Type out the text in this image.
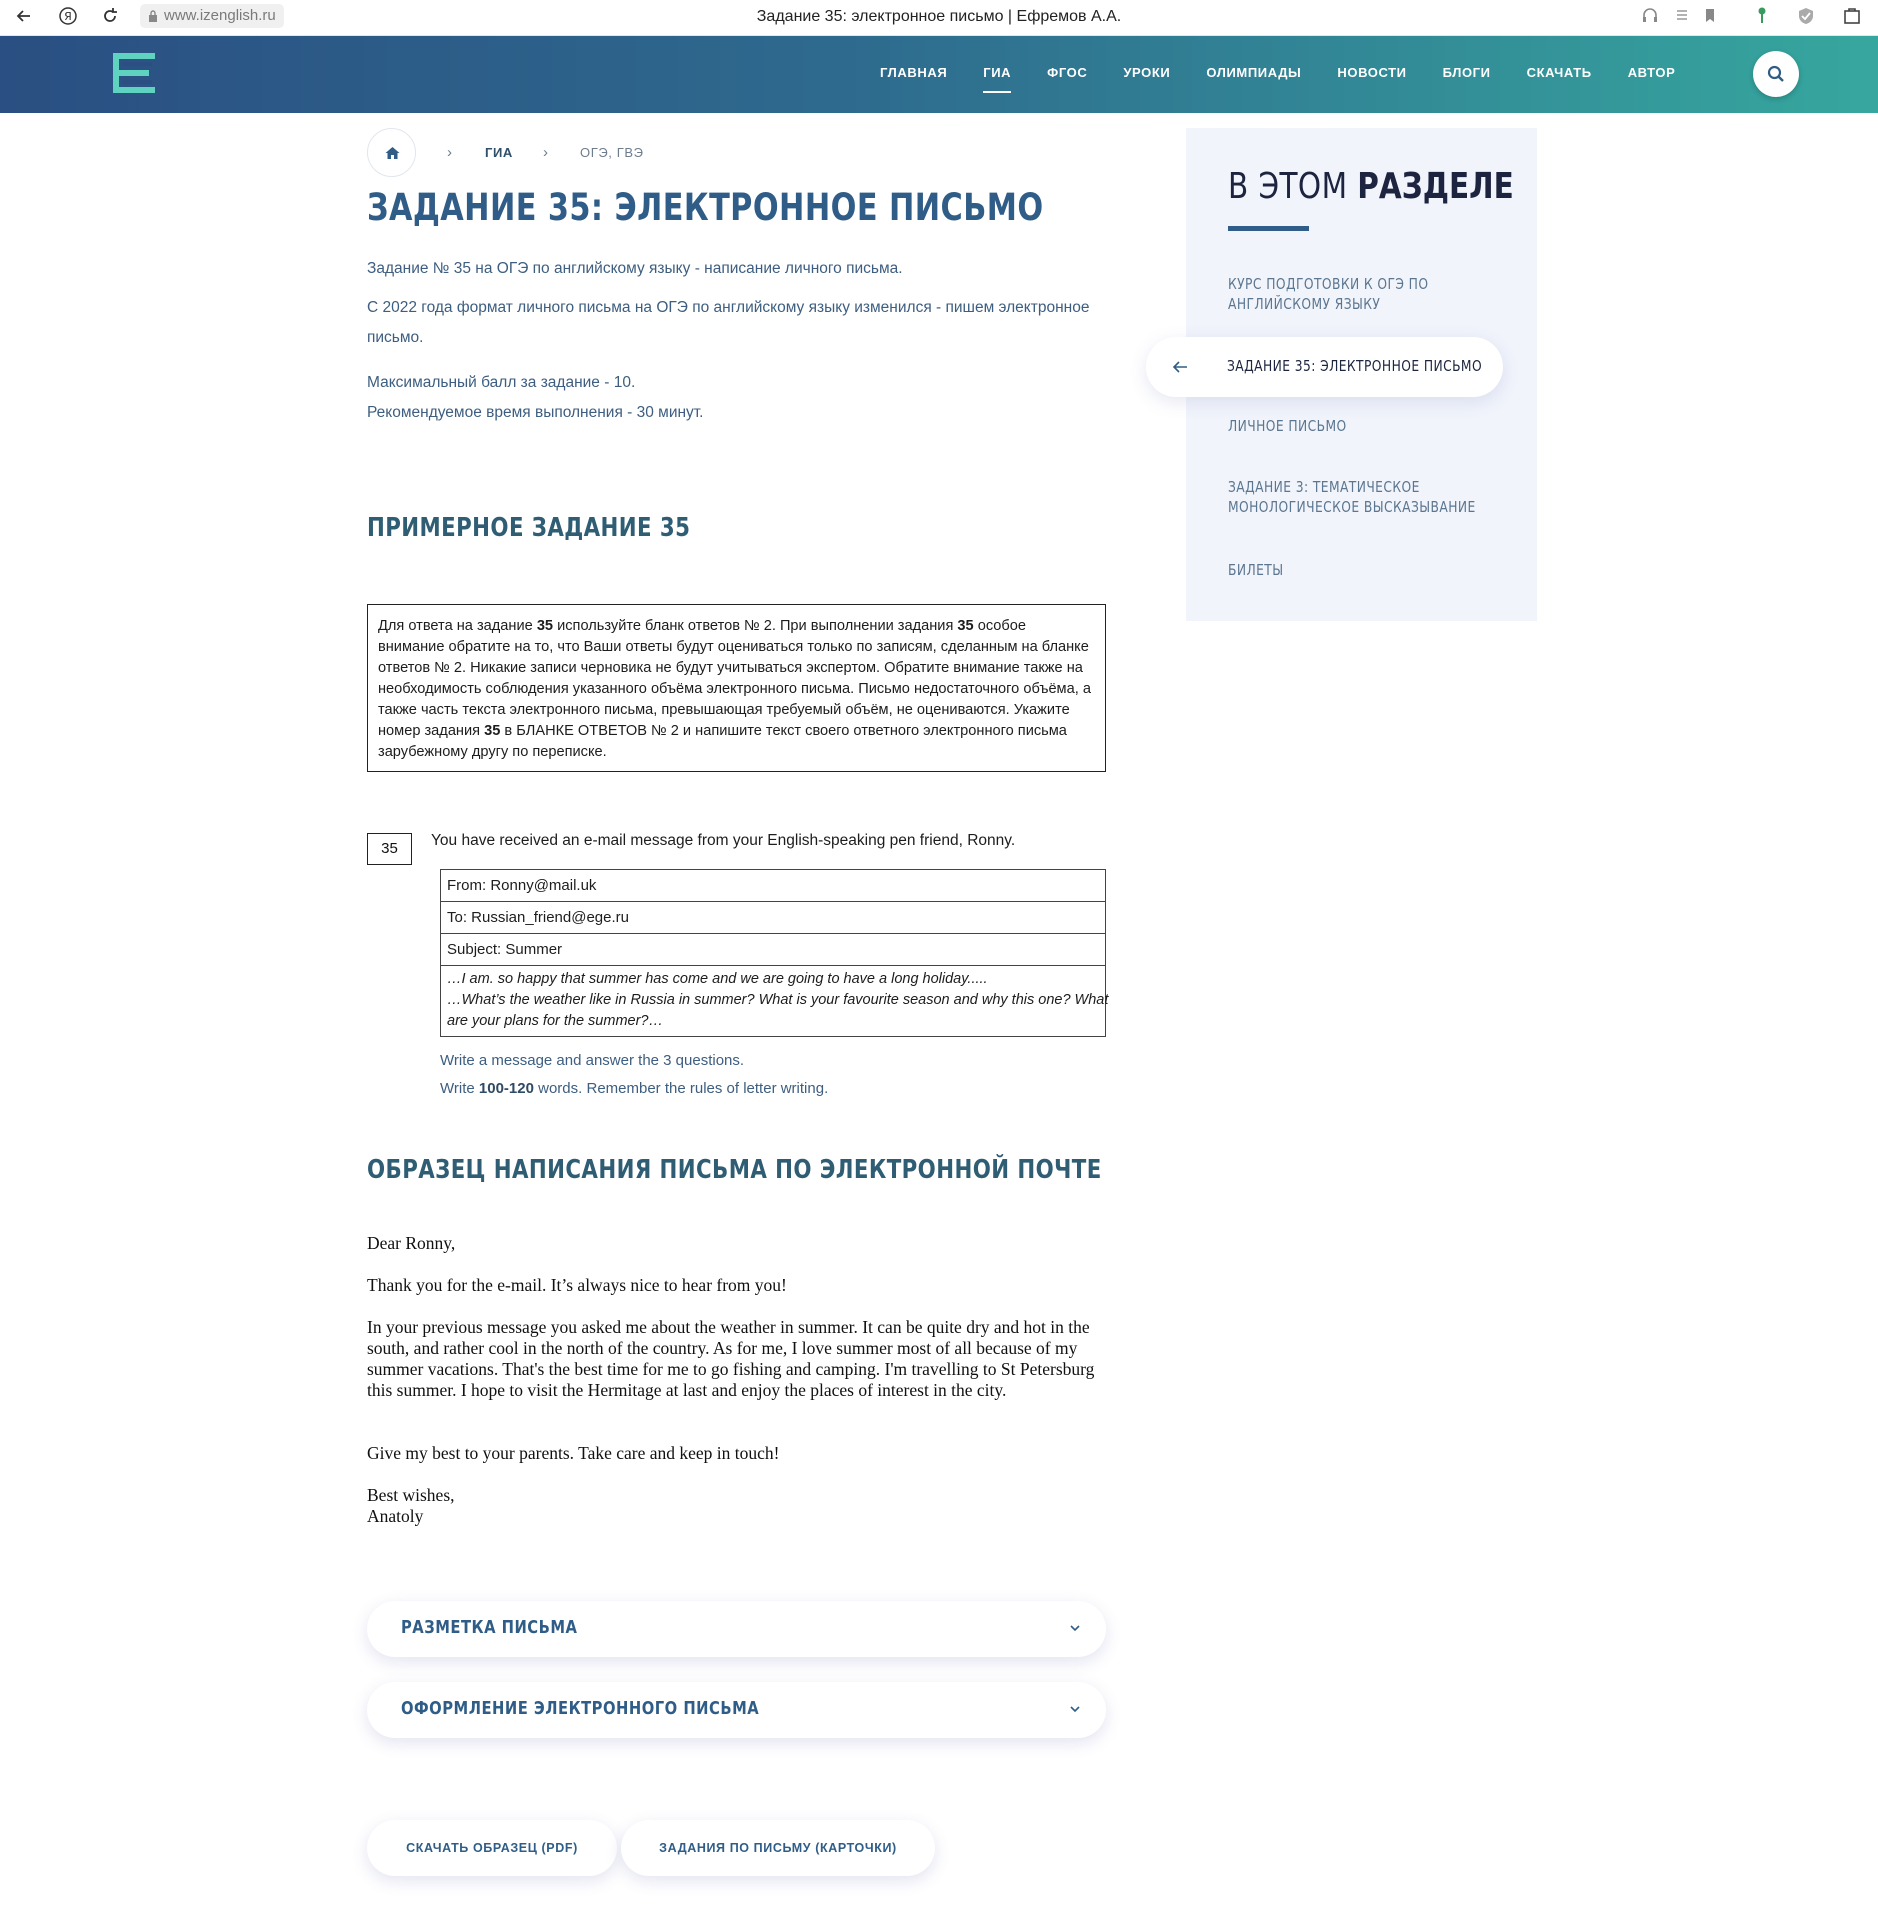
Задание 35: электронное письмо | Ефремов А.А.
Я	www.izenglish.ru
ГЛАВНАЯ	ГИА	ФГОС	УРОКИ	ОЛИМПИАДЫ	НОВОСТИ	БЛОГИ	СКАЧАТЬ	АВТОР
›	ГИА › ОГЭ, ГВЭ
ЗАДАНИЕ 35: ЭЛЕКТРОННОЕ ПИСЬМО

Задание № 35 на ОГЭ по английскому языку - написание личного письма.

С 2022 года формат личного письма на ОГЭ по английскому языку изменился - пишем электронное письмо.

Максимальный балл за задание - 10.

Рекомендуемое время выполнения - 30 минут.

ПРИМЕРНОЕ ЗАДАНИЕ 35
Для ответа на задание 35 используйте бланк ответов № 2. При выполнении задания 35 особое внимание обратите на то, что Ваши ответы будут оцениваться только по записям, сделанным на бланке ответов № 2. Никакие записи черновика не будут учитываться экспертом. Обратите внимание также на необходимость соблюдения указанного объёма электронного письма. Письмо недостаточного объёма, а также часть текста электронного письма, превышающая требуемый объём, не оцениваются. Укажите номер задания 35 в БЛАНКЕ ОТВЕТОВ № 2 и напишите текст своего ответного электронного письма зарубежному другу по переписке.
35	You have received an e-mail message from your English-speaking pen friend, Ronny.
From: Ronny@mail.uk
To: Russian_friend@ege.ru
Subject: Summer
…I am. so happy that summer has come and we are going to have a long holiday.....
…What’s the weather like in Russia in summer? What is your favourite season and why this one? What
are your plans for the summer?…
Write a message and answer the 3 questions.
Write 100-120 words. Remember the rules of letter writing.
ОБРАЗЕЦ НАПИСАНИЯ ПИСЬМА ПО ЭЛЕКТРОННОЙ ПОЧТЕ

Dear Ronny,

Thank you for the e-mail. It’s always nice to hear from you!

In your previous message you asked me about the weather in summer. It can be quite dry and hot in the south, and rather cool in the north of the country. As for me, I love summer most of all because of my summer vacations. That's the best time for me to go fishing and camping. I'm travelling to St Petersburg this summer. I hope to visit the Hermitage at last and enjoy the places of interest in the city.

Give my best to your parents. Take care and keep in touch!

Best wishes,

Anatoly

РАЗМЕТКА ПИСЬМА
ОФОРМЛЕНИЕ ЭЛЕКТРОННОГО ПИСЬМА
СКАЧАТЬ ОБРАЗЕЦ (PDF)	ЗАДАНИЯ ПО ПИСЬМУ (КАРТОЧКИ)
В ЭТОМ РАЗДЕЛЕ
КУРС ПОДГОТОВКИ К ОГЭ ПО АНГЛИЙСКОМУ ЯЗЫКУ
ЛИЧНОЕ ПИСЬМО
ЗАДАНИЕ 3: ТЕМАТИЧЕСКОЕ МОНОЛОГИЧЕСКОЕ ВЫСКАЗЫВАНИЕ
БИЛЕТЫ
ЗАДАНИЕ 35: ЭЛЕКТРОННОЕ ПИСЬМО
